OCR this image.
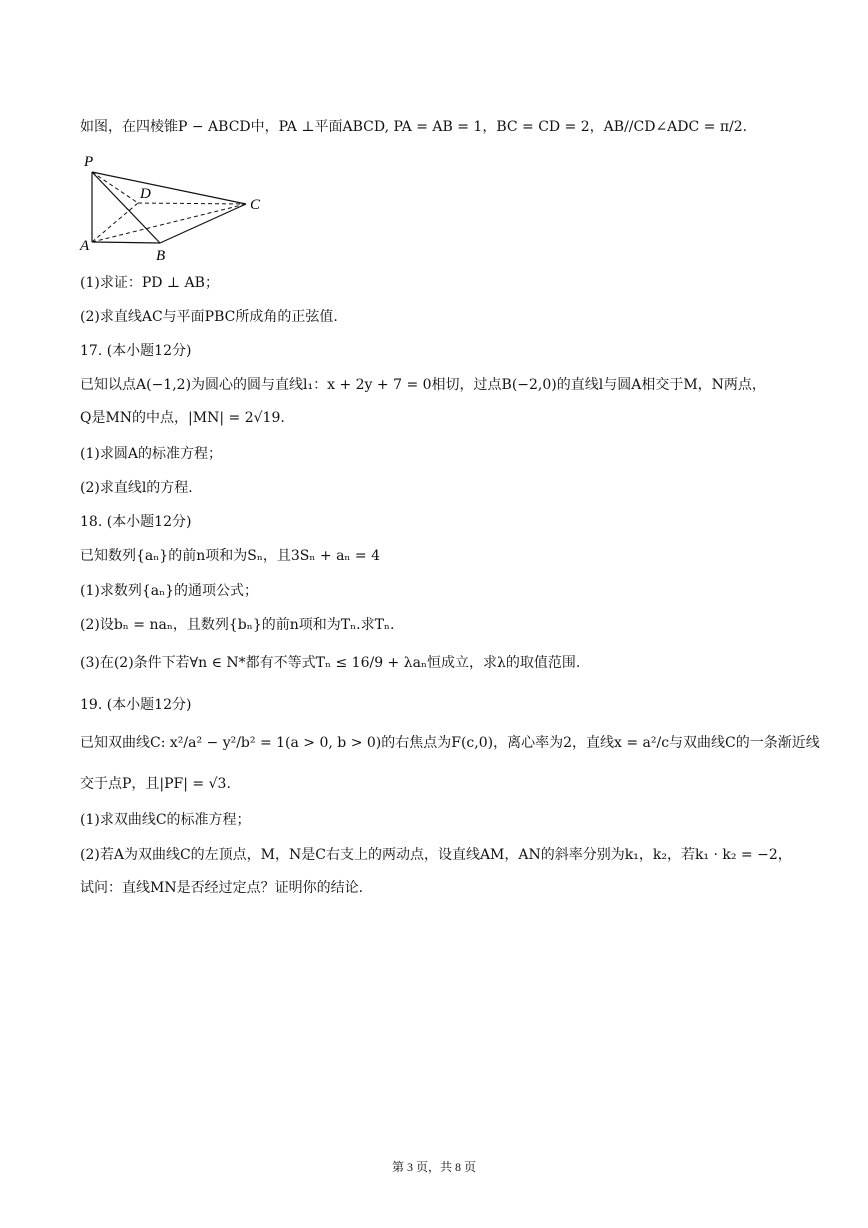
如图，在四棱锥P − ABCD中，PA ⊥平面ABCD, PA = AB = 1，BC = CD = 2，AB//CD∠ADC = π/2.
P
D
C
A
B
(1)求证：PD ⊥ AB；
(2)求直线AC与平面PBC所成角的正弦值.
17. (本小题12分)
已知以点A(−1,2)为圆心的圆与直线l₁：x + 2y + 7 = 0相切，过点B(−2,0)的直线l与圆A相交于M，N两点，
Q是MN的中点，|MN| = 2√19.
(1)求圆A的标准方程；
(2)求直线l的方程.
18. (本小题12分)
已知数列{aₙ}的前n项和为Sₙ，且3Sₙ + aₙ = 4
(1)求数列{aₙ}的通项公式；
(2)设bₙ = naₙ，且数列{bₙ}的前n项和为Tₙ.求Tₙ.
(3)在(2)条件下若∀n ∈ N*都有不等式Tₙ ≤ 16/9 + λaₙ恒成立，求λ的取值范围.
19. (本小题12分)
已知双曲线C: x²/a² − y²/b² = 1(a > 0, b > 0)的右焦点为F(c,0)，离心率为2，直线x = a²/c与双曲线C的一条渐近线
交于点P，且|PF| = √3.
(1)求双曲线C的标准方程；
(2)若A为双曲线C的左顶点，M，N是C右支上的两动点，设直线AM，AN的斜率分别为k₁，k₂，若k₁ · k₂ = −2，
试问：直线MN是否经过定点？证明你的结论.
第 3 页，共 8 页
